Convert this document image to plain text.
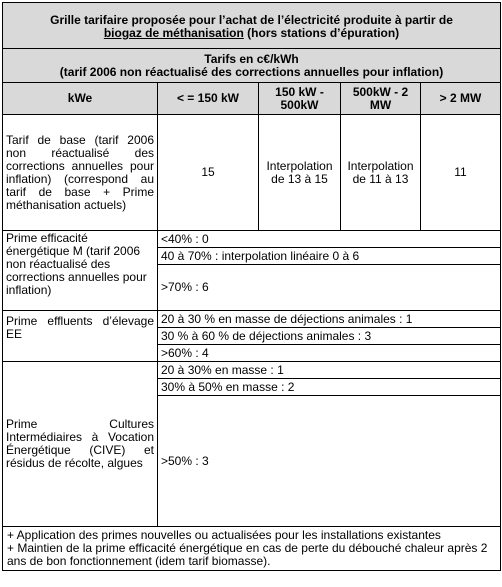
Grille tarifaire proposée pour l’achat de l’électricité produite à partir de
biogaz de méthanisation (hors stations d’épuration)				
Tarifs en c€/kWh
(tarif 2006 non réactualisé des corrections annuelles pour inflation)				
kWe	< = 150 kW	150 kW - 500kW	500kW - 2 MW	> 2 MW
Tarif de base (tarif 2006 non réactualisé des corrections annuelles pour inflation) (correspond au tarif de base + Prime méthanisation actuels)	15	Interpolation de 13 à 15	Interpolation de 11 à 13	11
Prime efficacité énergétique M (tarif 2006 non réactualisé des corrections annuelles pour inflation)	<40% : 0			
	40 à 70% : interpolation linéaire 0 à 6			
	>70% : 6			
Prime effluents d’élevage EE	20 à 30 % en masse de déjections animales : 1			
	30 % à 60 % de déjections animales : 3			
	>60% : 4			
Prime Cultures Intermédiaires à Vocation Énergétique (CIVE) et résidus de récolte, algues	20 à 30% en masse : 1			
	30% à 50% en masse : 2			
	>50% : 3			

+ Application des primes nouvelles ou actualisées pour les installations existantes
+ Maintien de la prime efficacité énergétique en cas de perte du débouché chaleur après 2 ans de bon fonctionnement (idem tarif biomasse).				
